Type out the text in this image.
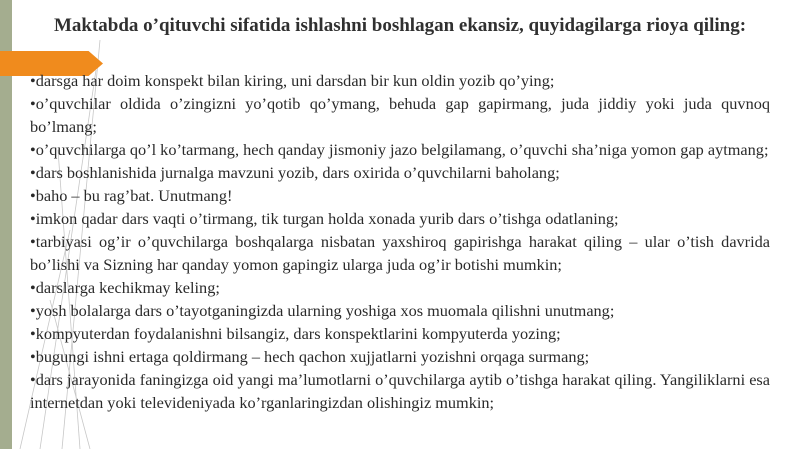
Maktabda o’qituvchi sifatida ishlashni boshlagan ekansiz, quyidagilarga rioya qiling:

•darsga har doim konspekt bilan kiring, uni darsdan bir kun oldin yozib qo’ying;

•o’quvchilar oldida o’zingizni yo’qotib qo’ymang, behuda gap gapirmang, juda jiddiy yoki juda quvnoq bo’lmang;

•o’quvchilarga qo’l ko’tarmang, hech qanday jismoniy jazo belgilamang, o’quvchi sha’niga yomon gap aytmang;

•dars boshlanishida jurnalga mavzuni yozib, dars oxirida o’quvchilarni baholang;

•baho – bu rag’bat. Unutmang!

•imkon qadar dars vaqti o’tirmang, tik turgan holda xonada yurib dars o’tishga odatlaning;

•tarbiyasi og’ir o’quvchilarga boshqalarga nisbatan yaxshiroq gapirishga harakat qiling – ular o’tish davrida bo’lishi va Sizning har qanday yomon gapingiz ularga juda og’ir botishi mumkin;

•darslarga kechikmay keling;

•yosh bolalarga dars o’tayotganingizda ularning yoshiga xos muomala qilishni unutmang;

•kompyuterdan foydalanishni bilsangiz, dars konspektlarini kompyuterda yozing;

•bugungi ishni ertaga qoldirmang – hech qachon xujjatlarni yozishni orqaga surmang;

•dars jarayonida faningizga oid yangi ma’lumotlarni o’quvchilarga aytib o’tishga harakat qiling. Yangiliklarni esa internetdan yoki televideniyada ko’rganlaringizdan olishingiz mumkin;
